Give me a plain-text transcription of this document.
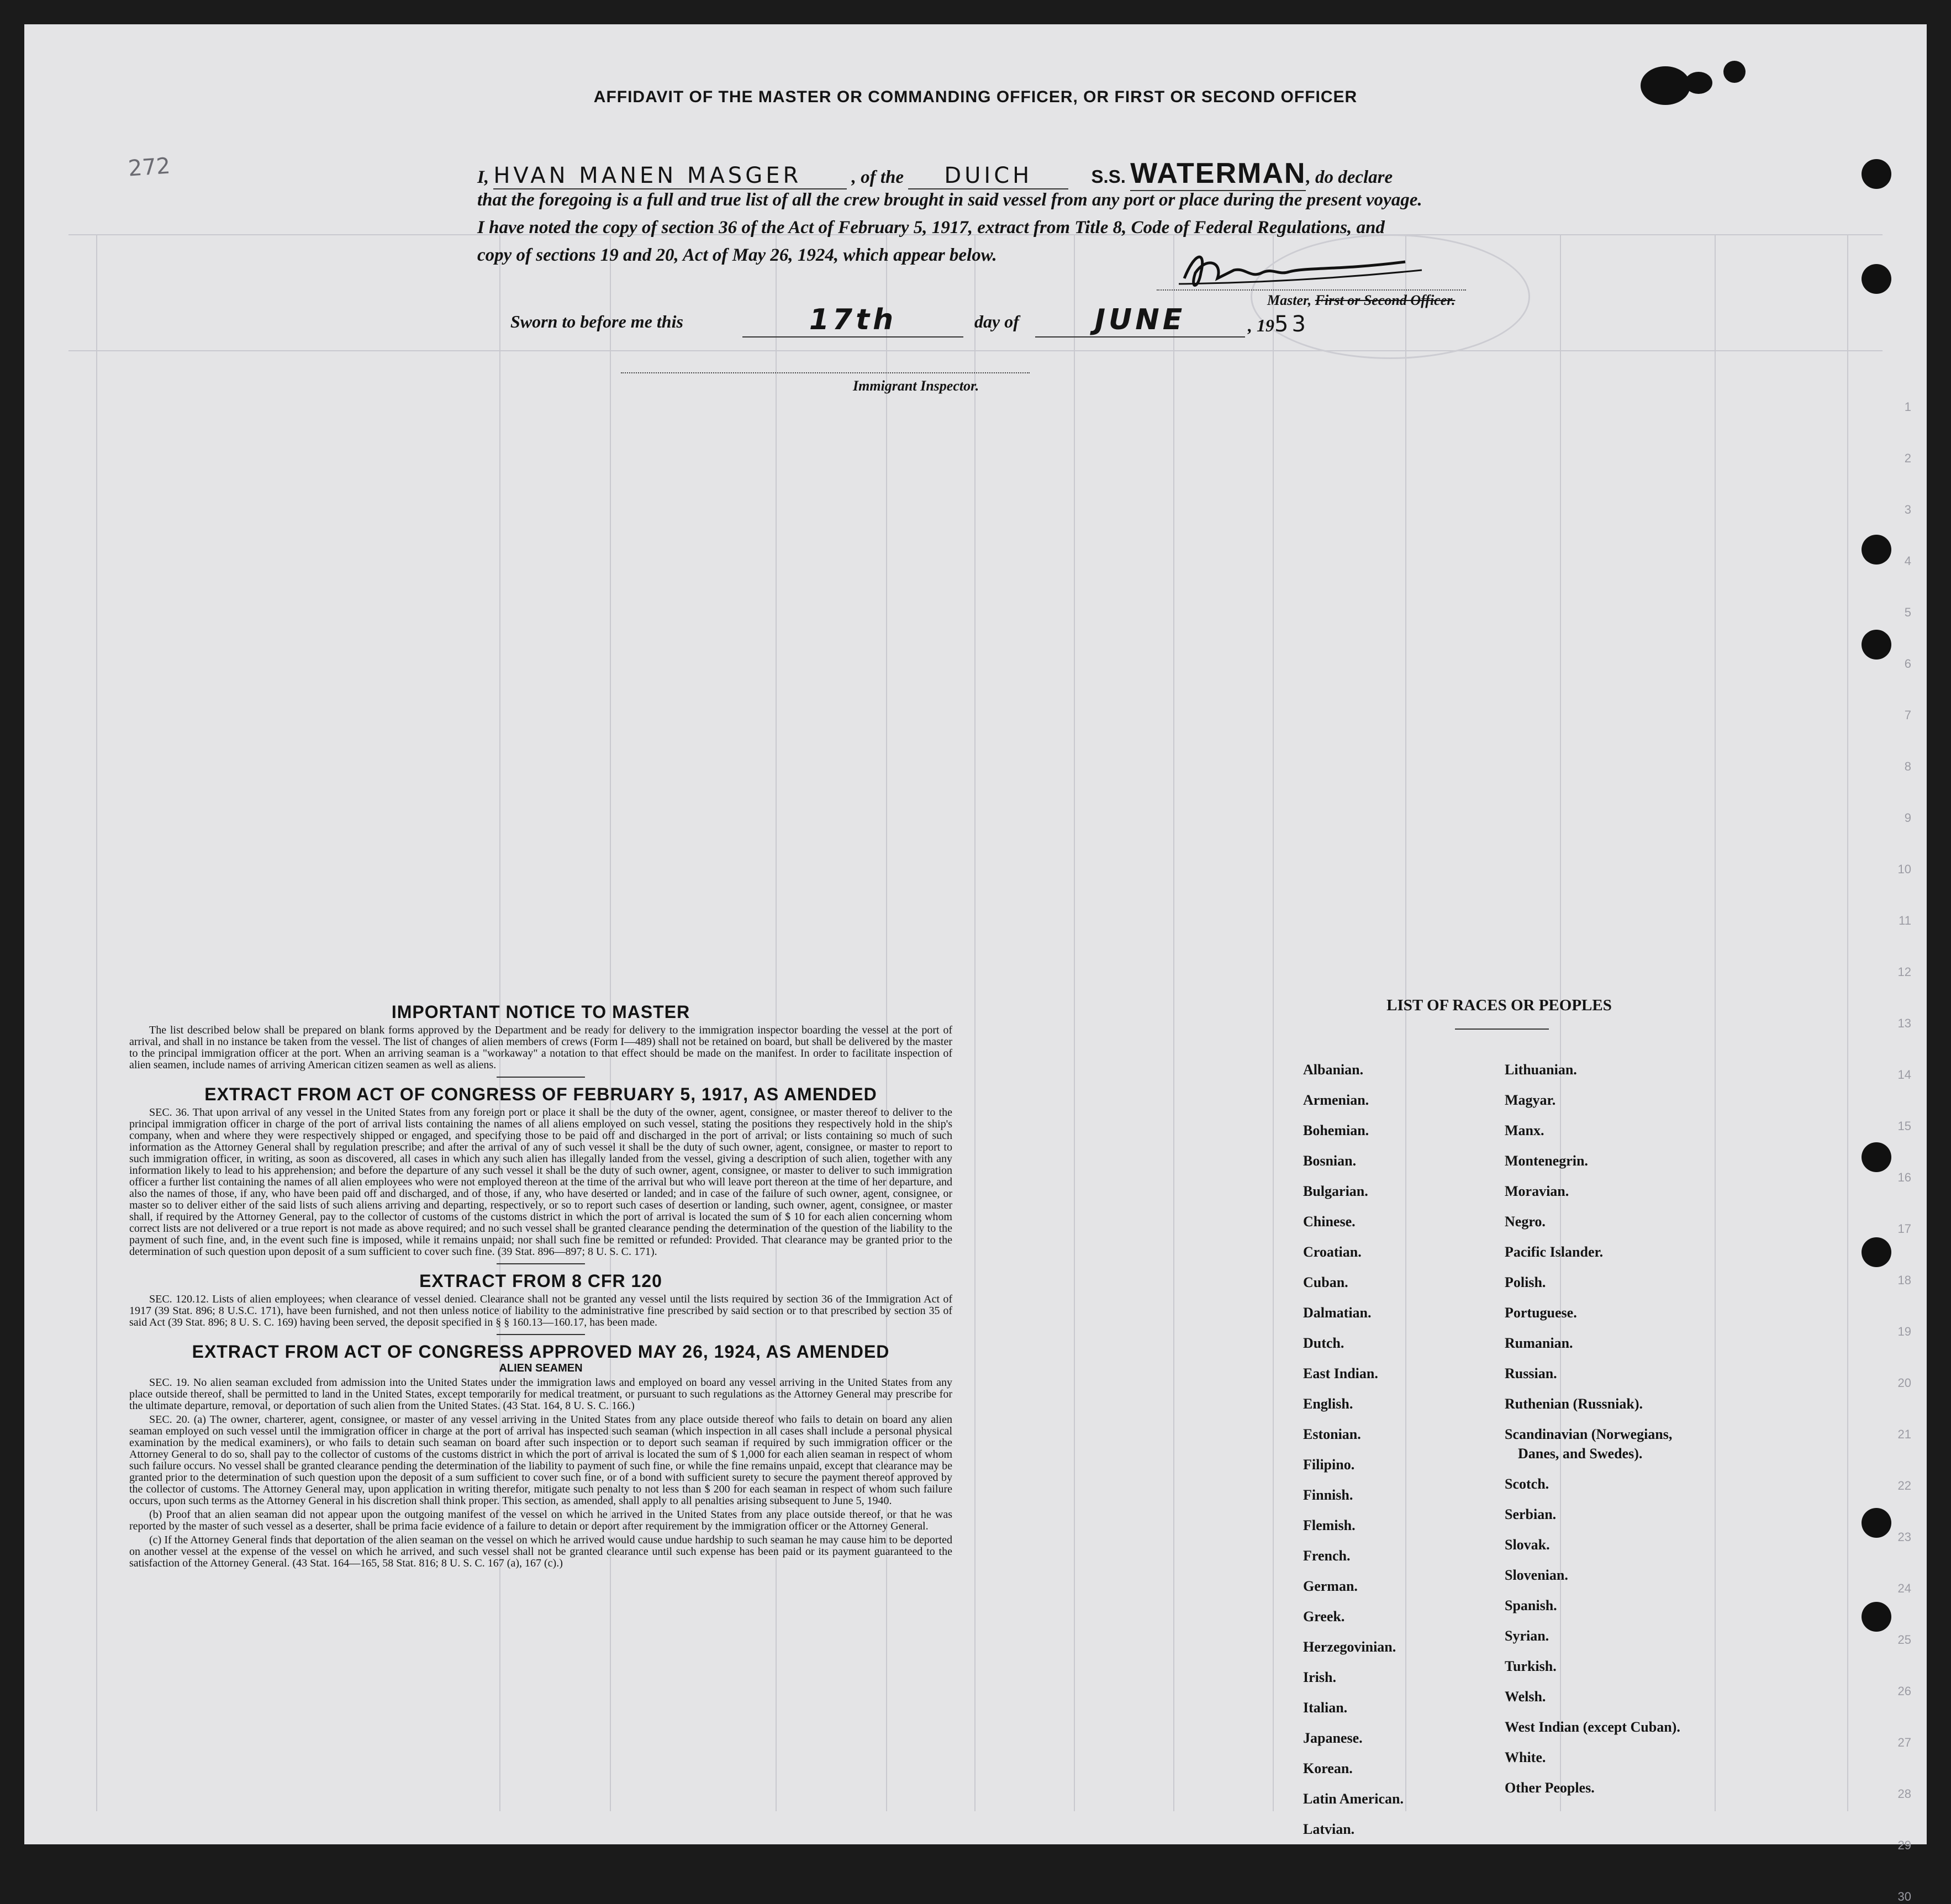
272
AFFIDAVIT OF THE MASTER OR COMMANDING OFFICER, OR FIRST OR SECOND OFFICER
I, HVAN MANEN MASGER	, of the DUICH	S.S. WATERMAN, do declare
that the foregoing is a full and true list of all the crew brought in said vessel from any port or place during the present voyage.
I have noted the copy of section 36 of the Act of February 5, 1917, extract from Title 8, Code of Federal Regulations, and
copy of sections 19 and 20, Act of May 26, 1924, which appear below.
Master, First or Second Officer.
Sworn to before me this	17th	day of	JUNE	, 1953
Immigrant Inspector.
IMPORTANT NOTICE TO MASTER

The list described below shall be prepared on blank forms approved by the Department and be ready for delivery to the immigration inspector boarding the vessel at the port of arrival, and shall in no instance be taken from the vessel. The list of changes of alien members of crews (Form I—489) shall not be retained on board, but shall be delivered by the master to the principal immigration officer at the port. When an arriving seaman is a "workaway" a notation to that effect should be made on the manifest. In order to facilitate inspection of alien seamen, include names of arriving American citizen seamen as well as aliens.

EXTRACT FROM ACT OF CONGRESS OF FEBRUARY 5, 1917, AS AMENDED

SEC. 36. That upon arrival of any vessel in the United States from any foreign port or place it shall be the duty of the owner, agent, consignee, or master thereof to deliver to the principal immigration officer in charge of the port of arrival lists containing the names of all aliens employed on such vessel, stating the positions they respectively hold in the ship's company, when and where they were respectively shipped or engaged, and specifying those to be paid off and discharged in the port of arrival; or lists containing so much of such information as the Attorney General shall by regulation prescribe; and after the arrival of any of such vessel it shall be the duty of such owner, agent, consignee, or master to report to such immigration officer, in writing, as soon as discovered, all cases in which any such alien has illegally landed from the vessel, giving a description of such alien, together with any information likely to lead to his apprehension; and before the departure of any such vessel it shall be the duty of such owner, agent, consignee, or master to deliver to such immigration officer a further list containing the names of all alien employees who were not employed thereon at the time of the arrival but who will leave port thereon at the time of her departure, and also the names of those, if any, who have been paid off and discharged, and of those, if any, who have deserted or landed; and in case of the failure of such owner, agent, consignee, or master so to deliver either of the said lists of such aliens arriving and departing, respectively, or so to report such cases of desertion or landing, such owner, agent, consignee, or master shall, if required by the Attorney General, pay to the collector of customs of the customs district in which the port of arrival is located the sum of $ 10 for each alien concerning whom correct lists are not delivered or a true report is not made as above required; and no such vessel shall be granted clearance pending the determination of the question of the liability to the payment of such fine, and, in the event such fine is imposed, while it remains unpaid; nor shall such fine be remitted or refunded: Provided. That clearance may be granted prior to the determination of such question upon deposit of a sum sufficient to cover such fine. (39 Stat. 896—897; 8 U. S. C. 171).

EXTRACT FROM 8 CFR 120

SEC. 120.12. Lists of alien employees; when clearance of vessel denied. Clearance shall not be granted any vessel until the lists required by section 36 of the Immigration Act of 1917 (39 Stat. 896; 8 U.S.C. 171), have been furnished, and not then unless notice of liability to the administrative fine prescribed by said section or to that prescribed by section 35 of said Act (39 Stat. 896; 8 U. S. C. 169) having been served, the deposit specified in § § 160.13—160.17, has been made.

EXTRACT FROM ACT OF CONGRESS APPROVED MAY 26, 1924, AS AMENDED
ALIEN SEAMEN

SEC. 19. No alien seaman excluded from admission into the United States under the immigration laws and employed on board any vessel arriving in the United States from any place outside thereof, shall be permitted to land in the United States, except temporarily for medical treatment, or pursuant to such regulations as the Attorney General may prescribe for the ultimate departure, removal, or deportation of such alien from the United States. (43 Stat. 164, 8 U. S. C. 166.)

SEC. 20. (a) The owner, charterer, agent, consignee, or master of any vessel arriving in the United States from any place outside thereof who fails to detain on board any alien seaman employed on such vessel until the immigration officer in charge at the port of arrival has inspected such seaman (which inspection in all cases shall include a personal physical examination by the medical examiners), or who fails to detain such seaman on board after such inspection or to deport such seaman if required by such immigration officer or the Attorney General to do so, shall pay to the collector of customs of the customs district in which the port of arrival is located the sum of $ 1,000 for each alien seaman in respect of whom such failure occurs. No vessel shall be granted clearance pending the determination of the liability to payment of such fine, or while the fine remains unpaid, except that clearance may be granted prior to the determination of such question upon the deposit of a sum sufficient to cover such fine, or of a bond with sufficient surety to secure the payment thereof approved by the collector of customs. The Attorney General may, upon application in writing therefor, mitigate such penalty to not less than $ 200 for each seaman in respect of whom such failure occurs, upon such terms as the Attorney General in his discretion shall think proper. This section, as amended, shall apply to all penalties arising subsequent to June 5, 1940.

(b) Proof that an alien seaman did not appear upon the outgoing manifest of the vessel on which he arrived in the United States from any place outside thereof, or that he was reported by the master of such vessel as a deserter, shall be prima facie evidence of a failure to detain or deport after requirement by the immigration officer or the Attorney General.

(c) If the Attorney General finds that deportation of the alien seaman on the vessel on which he arrived would cause undue hardship to such seaman he may cause him to be deported on another vessel at the expense of the vessel on which he arrived, and such vessel shall not be granted clearance until such expense has been paid or its payment guaranteed to the satisfaction of the Attorney General. (43 Stat. 164—165, 58 Stat. 816; 8 U. S. C. 167 (a), 167 (c).)

LIST OF RACES OR PEOPLES
Albanian.
Armenian.
Bohemian.
Bosnian.
Bulgarian.
Chinese.
Croatian.
Cuban.
Dalmatian.
Dutch.
East Indian.
English.
Estonian.
Filipino.
Finnish.
Flemish.
French.
German.
Greek.
Herzegovinian.
Irish.
Italian.
Japanese.
Korean.
Latin American.
Latvian.
Lithuanian.
Magyar.
Manx.
Montenegrin.
Moravian.
Negro.
Pacific Islander.
Polish.
Portuguese.
Rumanian.
Russian.
Ruthenian (Russniak).
Scandinavian (Norwegians,
Danes, and Swedes).
Scotch.
Serbian.
Slovak.
Slovenian.
Spanish.
Syrian.
Turkish.
Welsh.
West Indian (except Cuban).
White.
Other Peoples.
1
2
3
4
5
6
7
8
9
10
11
12
13
14
15
16
17
18
19
20
21
22
23
24
25
26
27
28
29
30
